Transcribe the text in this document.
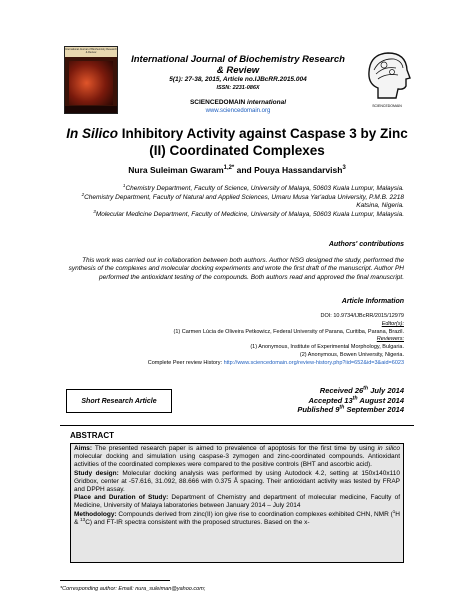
International Journal of Biochemistry Research & Review
International Journal of Biochemistry Research & Review
5(1): 27-38, 2015, Article no.IJBcRR.2015.004
ISSN: 2231-086X
SCIENCEDOMAIN international
www.sciencedomain.org
SCIENCEDOMAIN
In Silico Inhibitory Activity against Caspase 3 by Zinc (II) Coordinated Complexes
Nura Suleiman Gwaram$^{1,2*}$ and Pouya Hassandarvish$^3$

$^1$Chemistry Department, Faculty of Science, University of Malaya, 50603 Kuala Lumpur, Malaysia.

$^2$Chemistry Department, Faculty of Natural and Applied Sciences, Umaru Musa Yar'adua University, P.M.B. 2218 Katsina, Nigeria.

$^3$Molecular Medicine Department, Faculty of Medicine, University of Malaya, 50603 Kuala Lumpur, Malaysia.

Authors' contributions
This work was carried out in collaboration between both authors. Author NSG designed the study, performed the synthesis of the complexes and molecular docking experiments and wrote the first draft of the manuscript. Author PH performed the antioxidant testing of the compounds. Both authors read and approved the final manuscript.
Article Information

DOI: 10.9734/IJBcRR/2015/12979

Editor(s):

(1) Carmen Lúcia de Oliveira Petkowicz, Federal University of Parana, Curitiba, Parana, Brazil.

Reviewers:

(1) Anonymous, Institute of Experimental Morphology, Bulgaria.

(2) Anonymous, Bowen University, Nigeria.

Complete Peer review History: http://www.sciencedomain.org/review-history.php?iid=652&id=3&aid=6023

Short Research Article
Received 26th July 2014
Accepted 13th August 2014
Published 9th September 2014
ABSTRACT

Aims: The presented research paper is aimed to prevalence of apoptosis for the first time by using in silico molecular docking and simulation using caspase-3 zymogen and zinc-coordinated compounds. Antioxidant activities of the coordinated complexes were compared to the positive controls (BHT and ascorbic acid).

Study design: Molecular docking analysis was performed by using Autodock 4.2, setting at 150x140x110 Gridbox, center at -57.616, 31.092, 88.666 with 0.375 Å spacing. Their antioxidant activity was tested by FRAP and DPPH assay.

Place and Duration of Study: Department of Chemistry and department of molecular medicine, Faculty of Medicine, University of Malaya laboratories between January 2014 – July 2014

Methodology: Compounds derived from zinc(II) ion give rise to coordination complexes exhibited CHN, NMR ($^1$H & $^{13}$C) and FT-IR spectra consistent with the proposed structures. Based on the x-

*Corresponding author: Email: nura_suleiman@yahoo.com;
